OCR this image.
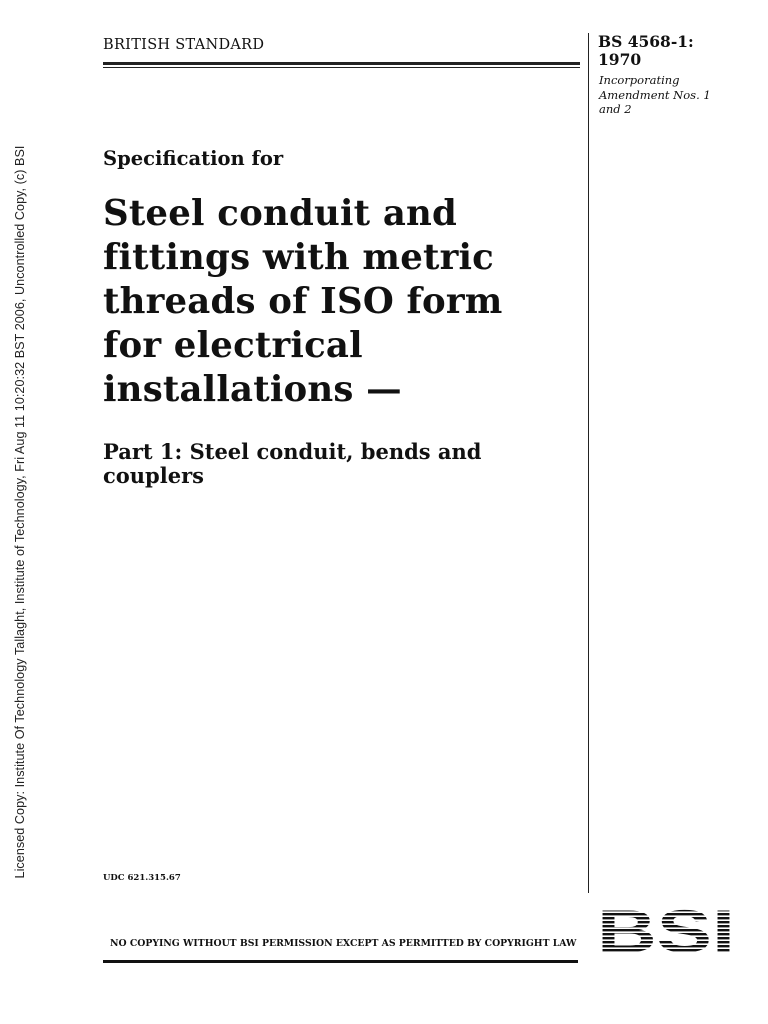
Licensed Copy: Institute Of Technology Tallaght, Institute of Technology, Fri Aug 11 10:20:32 BST 2006, Uncontrolled Copy, (c) BSI
BRITISH STANDARD	BS 4568-1:
1970
Incorporating Amendment Nos. 1 and 2
Specification for
Steel conduit and fittings with metric threads of ISO form for electrical installations —
Part 1: Steel conduit, bends and couplers
UDC 621.315.67
NO COPYING WITHOUT BSI PERMISSION EXCEPT AS PERMITTED BY COPYRIGHT LAW BSI
